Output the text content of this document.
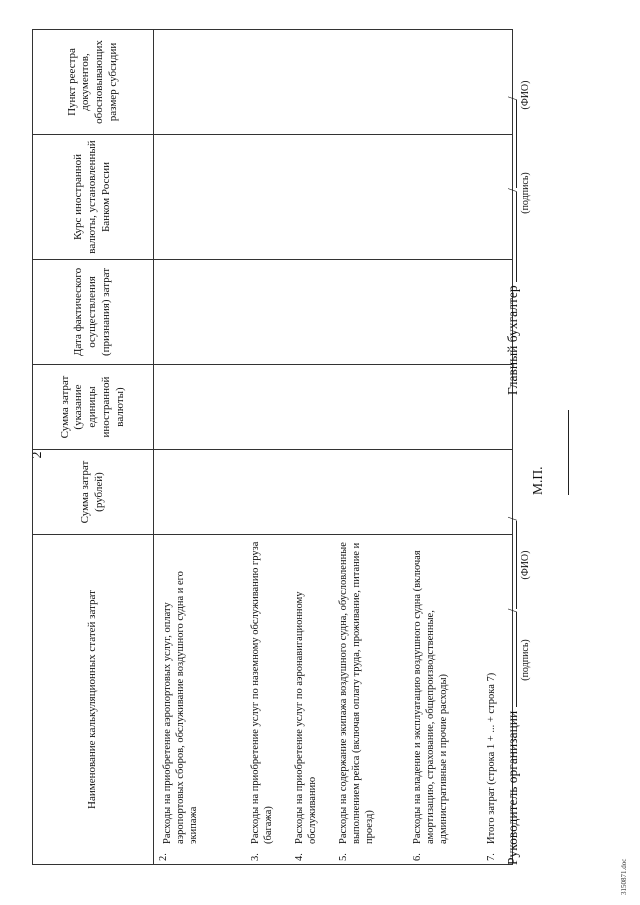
2
Наименование калькуляционных статей затрат	Сумма затрат (рублей)	Сумма затрат (указание единицы иностранной валюты)	Дата фактического осуществления (признания) затрат	Курс иностранной валюты, установленный Банком России	Пункт реестра документов, обосновывающих размер субсидии

2.	Расходы на приобретение аэропортовых услуг, оплату аэропортовых сборов, обслуживание воздушного судна и его экипажа

3.	Расходы на приобретение услуг по наземному обслуживанию груза (багажа)

4.	Расходы на приобретение услуг по аэронавигационному обслуживанию

5.	Расходы на содержание экипажа воздушного судна, обусловленные выполнением рейса (включая оплату труда, проживание, питание и проезд)

6.	Расходы на владение и эксплуатацию воздушного судна (включая амортизацию, страхование, общепроизводственные, административные и прочие расходы)

7.	Итого затрат (строка 1 + ... + строка 7)
					Руководитель организации //
(подпись)
(ФИО)
Главный бухгалтер //
(подпись)
(ФИО)
М.П.
3150871.doc
